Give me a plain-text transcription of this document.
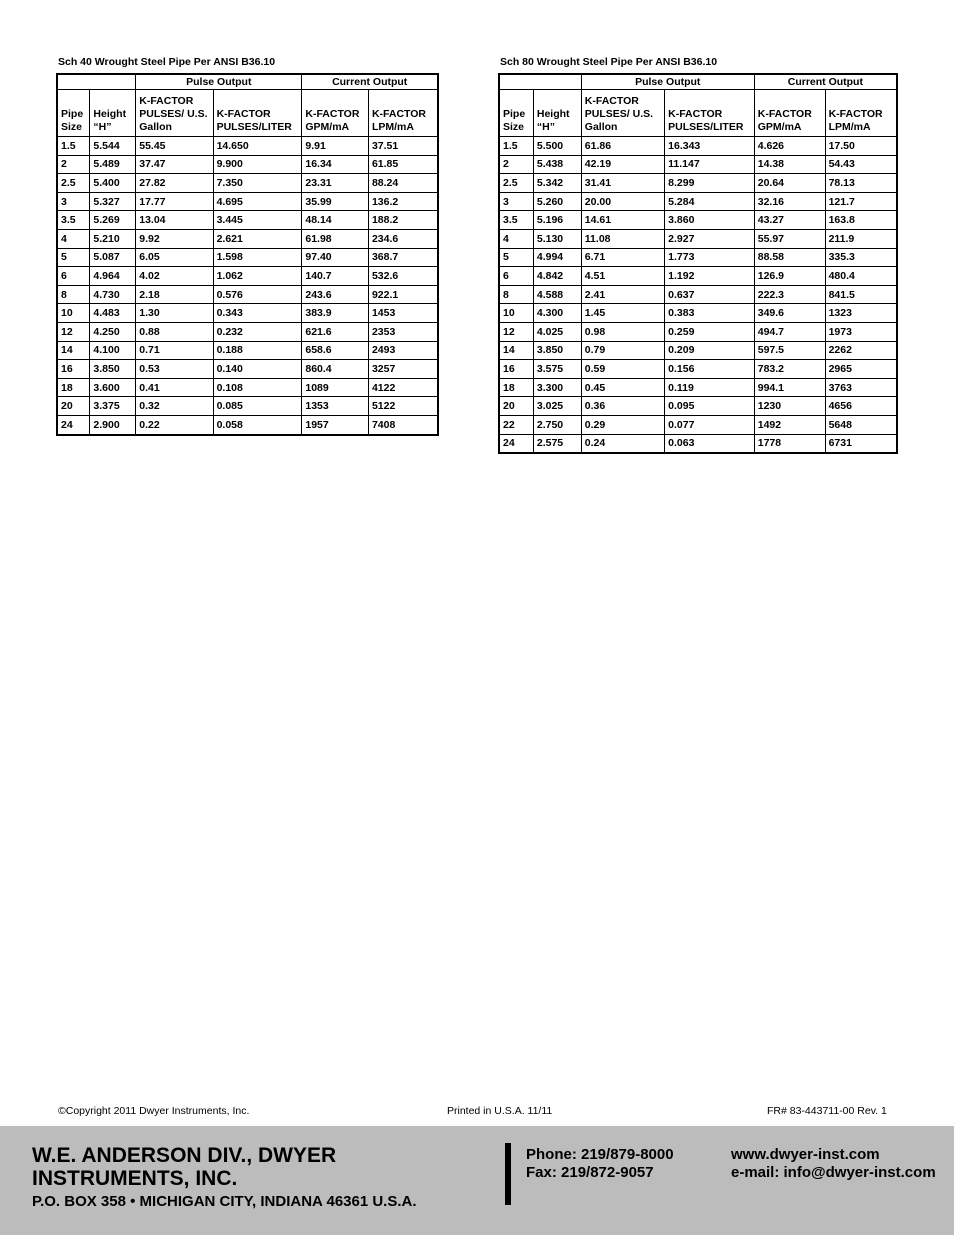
Sch 40 Wrought Steel Pipe Per ANSI B36.10
		Pulse Output		Current Output	
Pipe Size	Height “H”	K-FACTOR PULSES/ U.S. Gallon	K-FACTOR PULSES/LITER	K-FACTOR GPM/mA	K-FACTOR LPM/mA
1.5	5.544	55.45	14.650	9.91	37.51
2	5.489	37.47	9.900	16.34	61.85
2.5	5.400	27.82	7.350	23.31	88.24
3	5.327	17.77	4.695	35.99	136.2
3.5	5.269	13.04	3.445	48.14	188.2
4	5.210	9.92	2.621	61.98	234.6
5	5.087	6.05	1.598	97.40	368.7
6	4.964	4.02	1.062	140.7	532.6
8	4.730	2.18	0.576	243.6	922.1
10	4.483	1.30	0.343	383.9	1453
12	4.250	0.88	0.232	621.6	2353
14	4.100	0.71	0.188	658.6	2493
16	3.850	0.53	0.140	860.4	3257
18	3.600	0.41	0.108	1089	4122
20	3.375	0.32	0.085	1353	5122
24	2.900	0.22	0.058	1957	7408
Sch 80 Wrought Steel Pipe Per ANSI B36.10
		Pulse Output		Current Output	
Pipe Size	Height “H”	K-FACTOR PULSES/ U.S. Gallon	K-FACTOR PULSES/LITER	K-FACTOR GPM/mA	K-FACTOR LPM/mA
1.5	5.500	61.86	16.343	4.626	17.50
2	5.438	42.19	11.147	14.38	54.43
2.5	5.342	31.41	8.299	20.64	78.13
3	5.260	20.00	5.284	32.16	121.7
3.5	5.196	14.61	3.860	43.27	163.8
4	5.130	11.08	2.927	55.97	211.9
5	4.994	6.71	1.773	88.58	335.3
6	4.842	4.51	1.192	126.9	480.4
8	4.588	2.41	0.637	222.3	841.5
10	4.300	1.45	0.383	349.6	1323
12	4.025	0.98	0.259	494.7	1973
14	3.850	0.79	0.209	597.5	2262
16	3.575	0.59	0.156	783.2	2965
18	3.300	0.45	0.119	994.1	3763
20	3.025	0.36	0.095	1230	4656
22	2.750	0.29	0.077	1492	5648
24	2.575	0.24	0.063	1778	6731
©Copyright 2011 Dwyer Instruments, Inc.	Printed in U.S.A. 11/11	FR# 83-443711-00 Rev. 1
W.E. ANDERSON DIV., DWYER INSTRUMENTS, INC.
P.O. BOX 358 • MICHIGAN CITY, INDIANA 46361 U.S.A.
Phone: 219/879-8000
Fax: 219/872-9057
www.dwyer-inst.com
e-mail: info@dwyer-inst.com
